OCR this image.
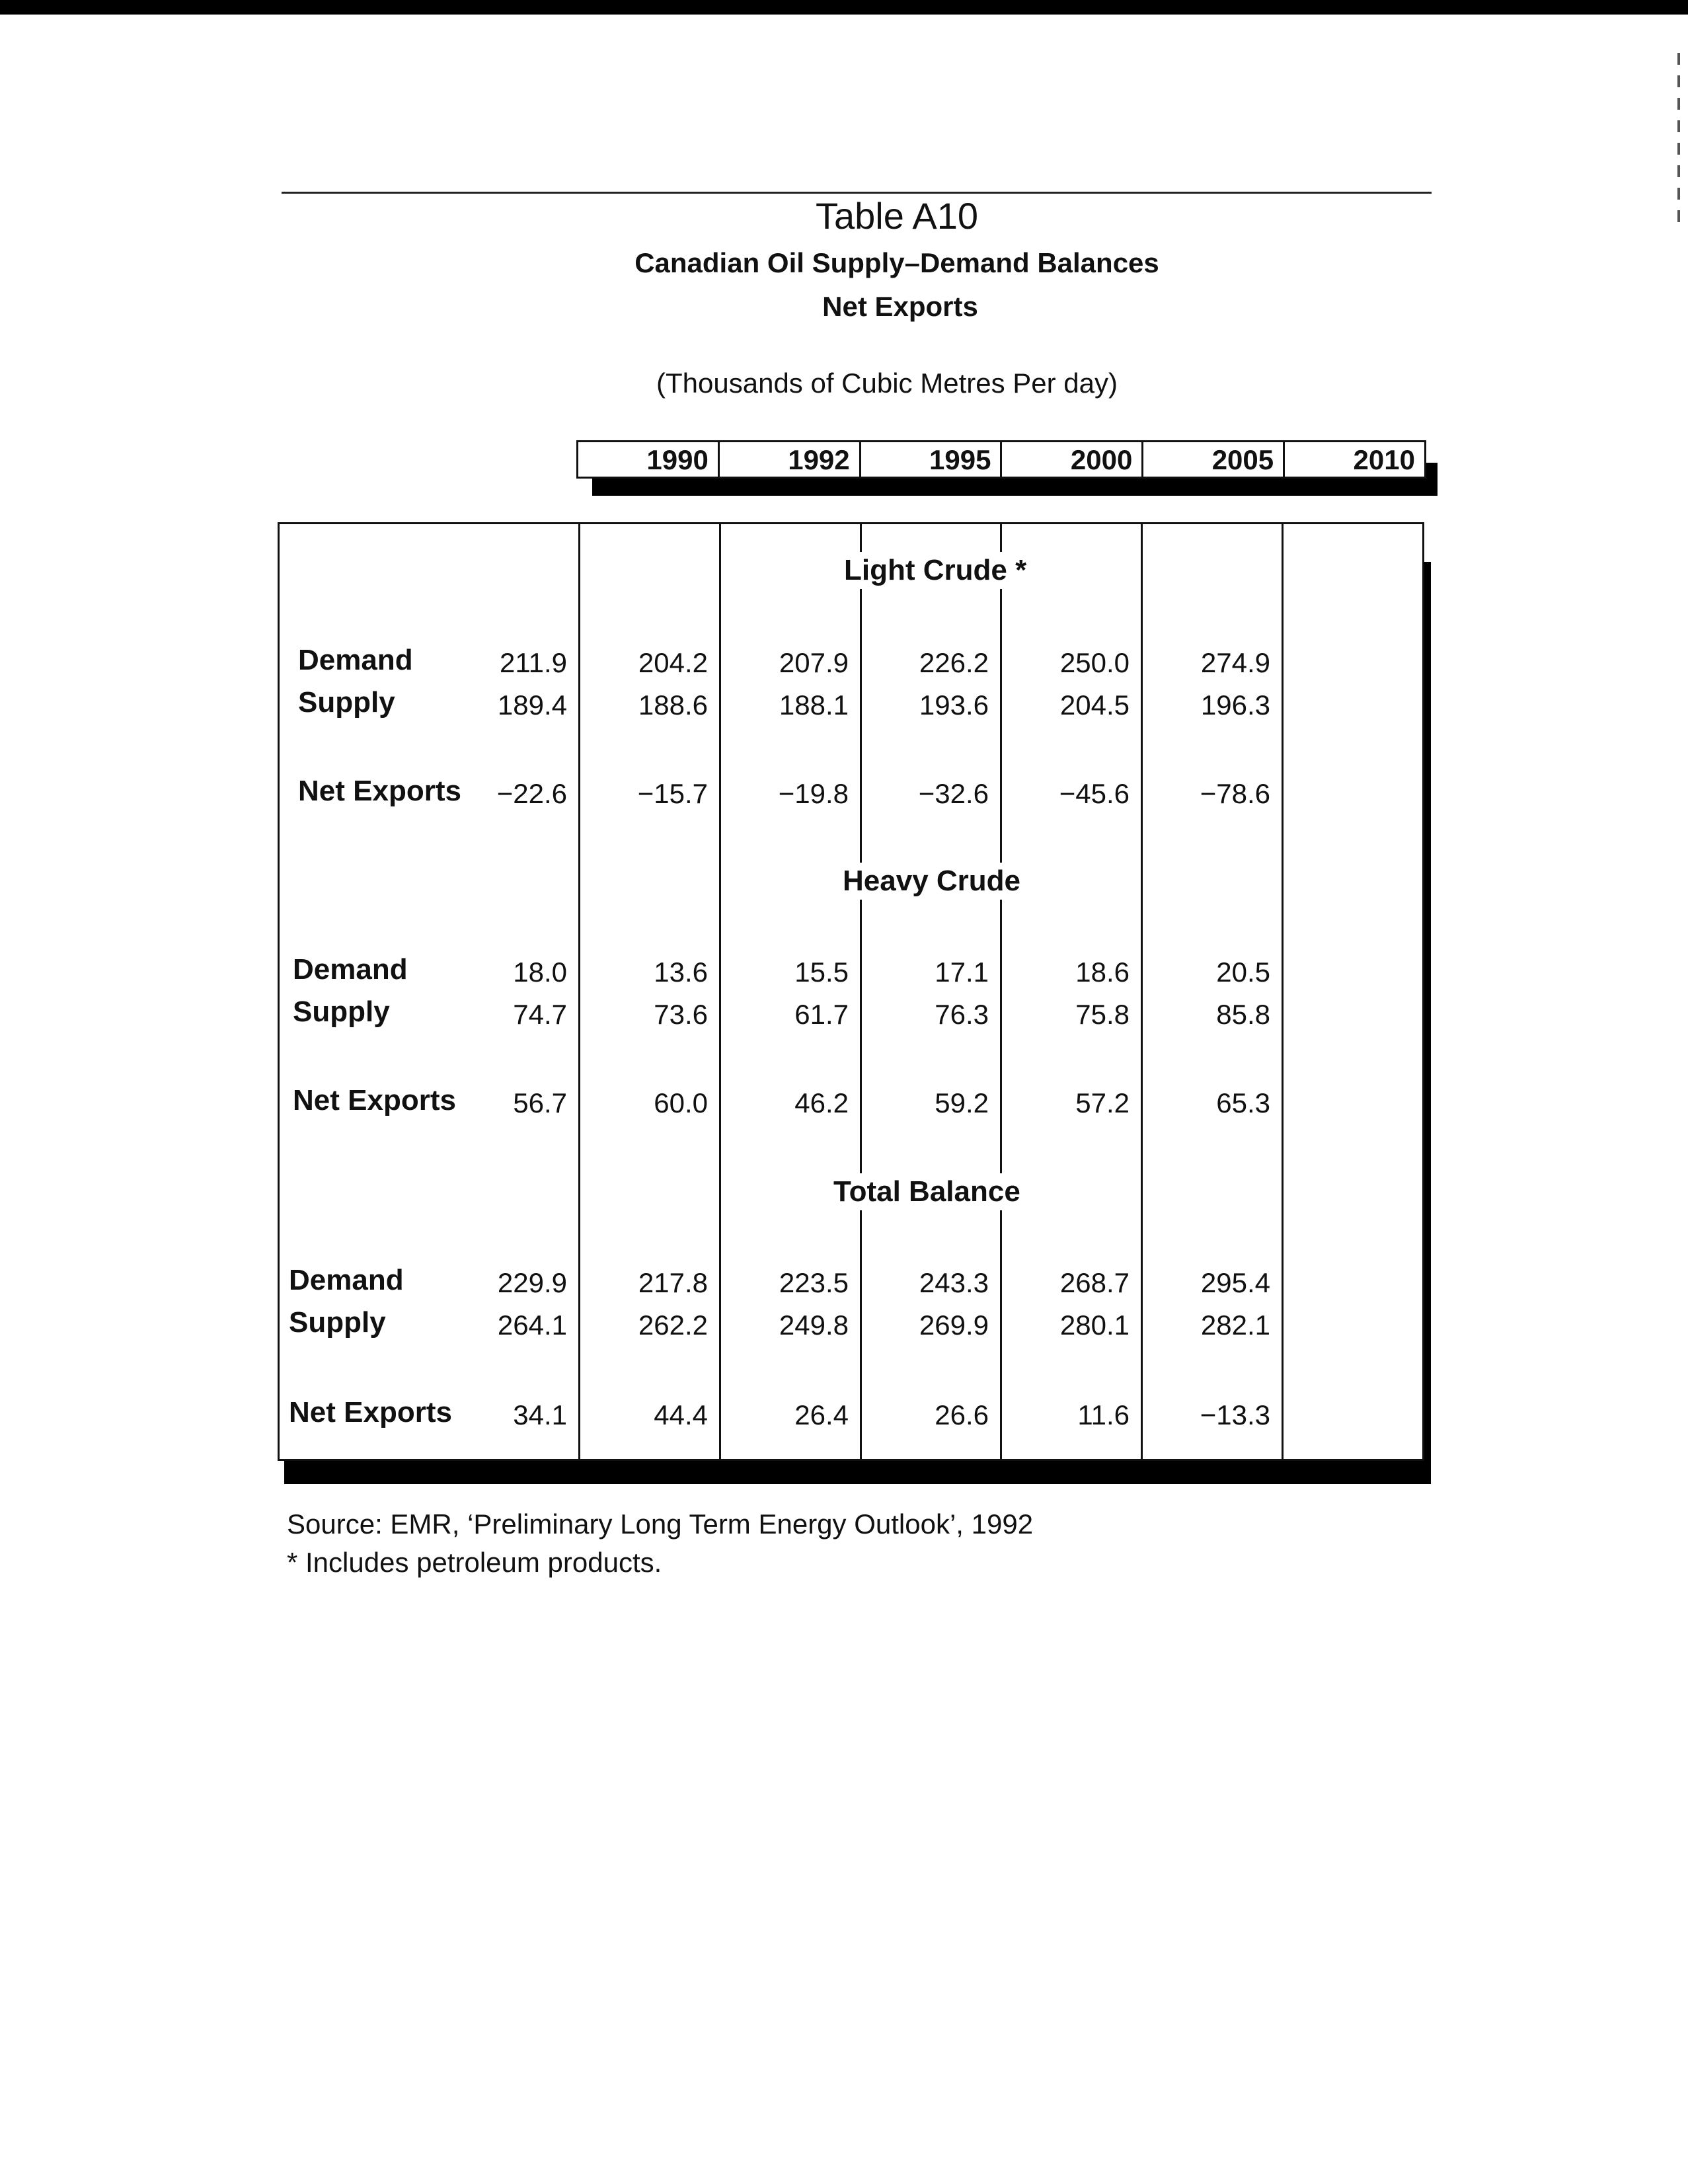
Table A10
Canadian Oil Supply–Demand Balances
Net Exports
(Thousands of Cubic Metres Per day)
1990	1992	1995	2000	2005	2010
Light Crude *
Demand	211.9	204.2	207.9	226.2	250.0	274.9
Supply	189.4	188.6	188.1	193.6	204.5	196.3
Net Exports	−22.6	−15.7	−19.8	−32.6	−45.6	−78.6
Heavy Crude
Demand	18.0	13.6	15.5	17.1	18.6	20.5
Supply	74.7	73.6	61.7	76.3	75.8	85.8
Net Exports	56.7	60.0	46.2	59.2	57.2	65.3
Total Balance
Demand	229.9	217.8	223.5	243.3	268.7	295.4
Supply	264.1	262.2	249.8	269.9	280.1	282.1
Net Exports	34.1	44.4	26.4	26.6	11.6	−13.3
Source: EMR, ‘Preliminary Long Term Energy Outlook’, 1992
* Includes petroleum products.
